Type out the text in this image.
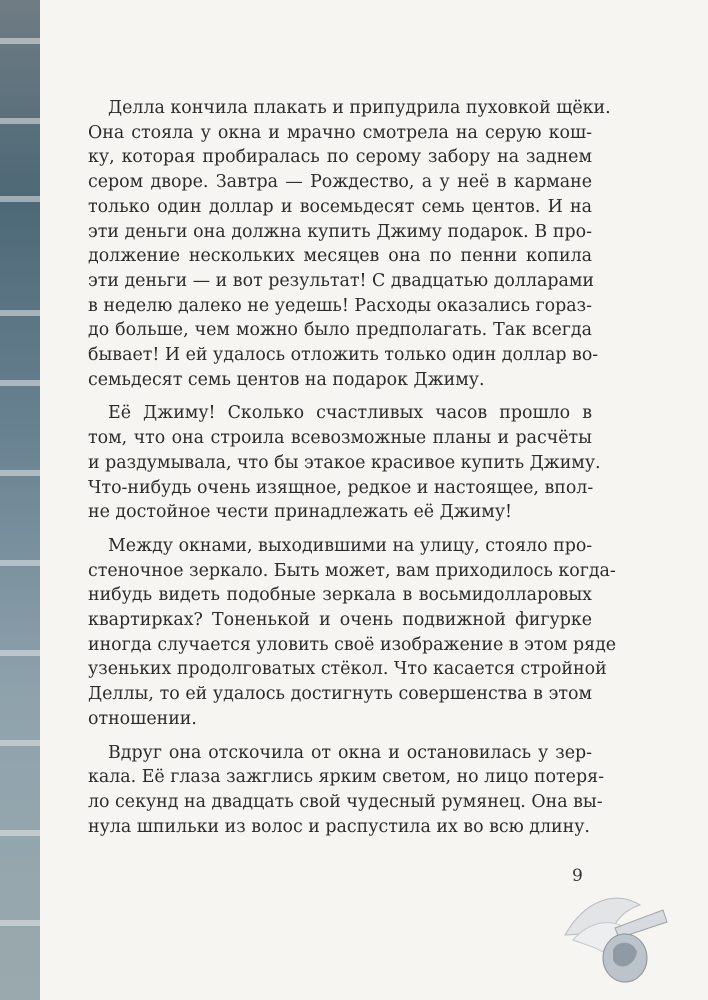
Делла кончила плакать и припудрила пуховкой щёки.
Она стояла у окна и мрачно смотрела на серую кош-
ку, которая пробиралась по серому забору на заднем
сером дворе. Завтра — Рождество, а у неё в кармане
только один доллар и восемьдесят семь центов. И на
эти деньги она должна купить Джиму подарок. В про-
должение нескольких месяцев она по пенни копила
эти деньги — и вот результат! С двадцатью долларами
в неделю далеко не уедешь! Расходы оказались горaз-
до больше, чем можно было предполагать. Так всегда
бывает! И ей удалось отложить только один доллар во-
семьдесят семь центов на подарок Джиму.

Её Джиму! Сколько счастливых часов прошло в
том, что она строила всевозможные планы и расчёты
и раздумывала, что бы этакое красивое купить Джиму.
Что-нибудь очень изящное, редкое и настоящее, впол-
не достойное чести принадлежать её Джиму!

Между окнами, выходившими на улицу, стояло про-
стеночное зеркало. Быть может, вам приходилось когда-
нибудь видеть подобные зеркала в восьмидолларовых
квартирках? Тоненькой и очень подвижной фигурке
иногда случается уловить своё изображение в этом ряде
узеньких продолговатых стёкол. Что касается стройной
Деллы, то ей удалось достигнуть совершенства в этом
отношении.

Вдруг она отскочила от окна и остановилась у зер-
кала. Её глаза зажглись ярким светом, но лицо потеря-
ло секунд на двадцать свой чудесный румянец. Она вы-
нула шпильки из волос и распустила их во всю длину.

9
